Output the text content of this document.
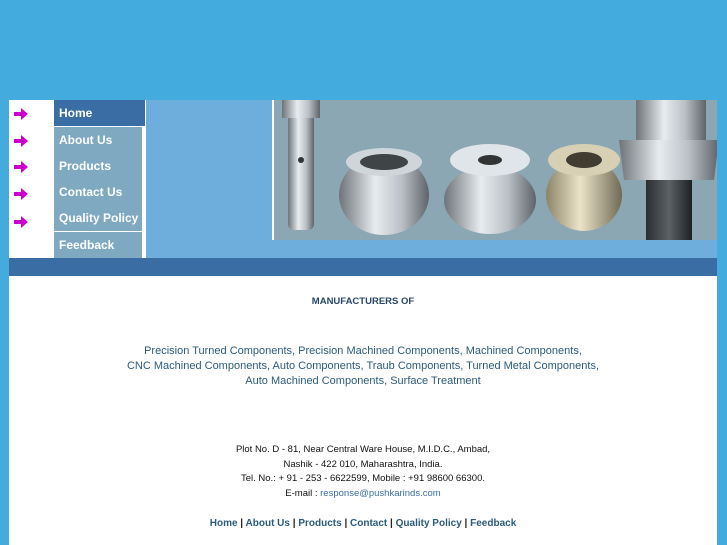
Home
About Us
Products
Contact Us
Quality Policy
Feedback
MANUFACTURERS OF
Precision Turned Components, Precision Machined Components, Machined Components,
CNC Machined Components, Auto Components, Traub Components, Turned Metal Components,
Auto Machined Components, Surface Treatment
Plot No. D - 81, Near Central Ware House, M.I.D.C., Ambad,
Nashik - 422 010, Maharashtra, India.
Tel. No.: + 91 - 253 - 6622599, Mobile : +91 98600 66300.
E-mail : response@pushkarinds.com
Home | About Us | Products | Contact | Quality Policy | Feedback
